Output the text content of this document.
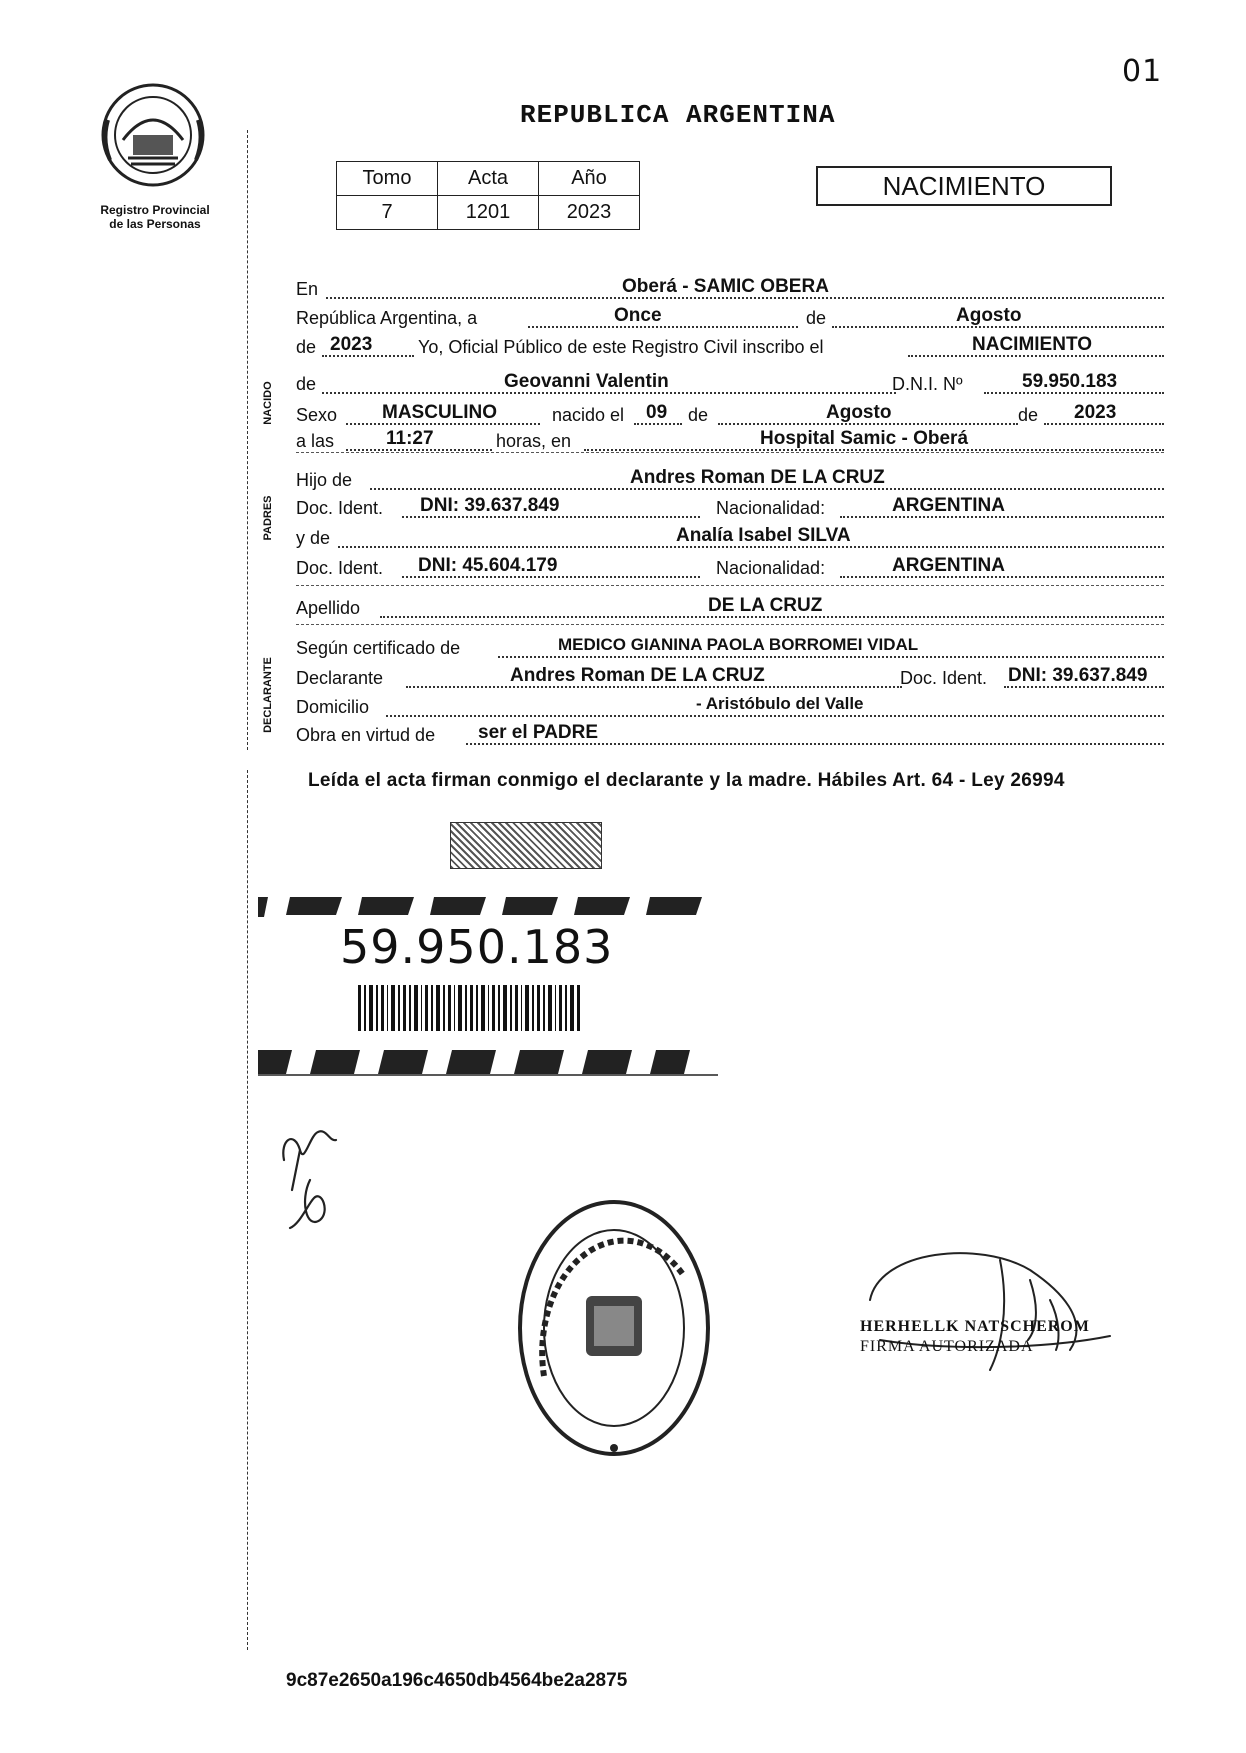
01
Registro Provincial
de las Personas
REPUBLICA ARGENTINA
Tomo	Acta	Año
7	1201	2023
NACIMIENTO
NACIDO
PADRES
DECLARANTE
En	Oberá - SAMIC OBERA
República Argentina, a	Once	de	Agosto
de 2023	Yo, Oficial Público de este Registro Civil inscribo el	NACIMIENTO
de	Geovanni Valentin	D.N.I. Nº	59.950.183
Sexo MASCULINO	nacido el 09 de	Agosto	de 2023
a las	11:27	horas, en	Hospital Samic - Oberá
Hijo de	Andres Roman DE LA CRUZ
Doc. Ident. DNI: 39.637.849	Nacionalidad:	ARGENTINA
y de	Analía Isabel SILVA
Doc. Ident. DNI: 45.604.179	Nacionalidad:	ARGENTINA
Apellido	DE LA CRUZ
Según certificado de	MEDICO GIANINA PAOLA BORROMEI VIDAL
Declarante	Andres Roman DE LA CRUZ	Doc. Ident. DNI: 39.637.849
Domicilio	- Aristóbulo del Valle
Obra en virtud de ser el PADRE
Leída el acta firman conmigo el declarante y la madre. Hábiles Art. 64 - Ley 26994
59.950.183
HERHELLK NATSCHEROM
FIRMA AUTORIZADA
9c87e2650a196c4650db4564be2a2875
